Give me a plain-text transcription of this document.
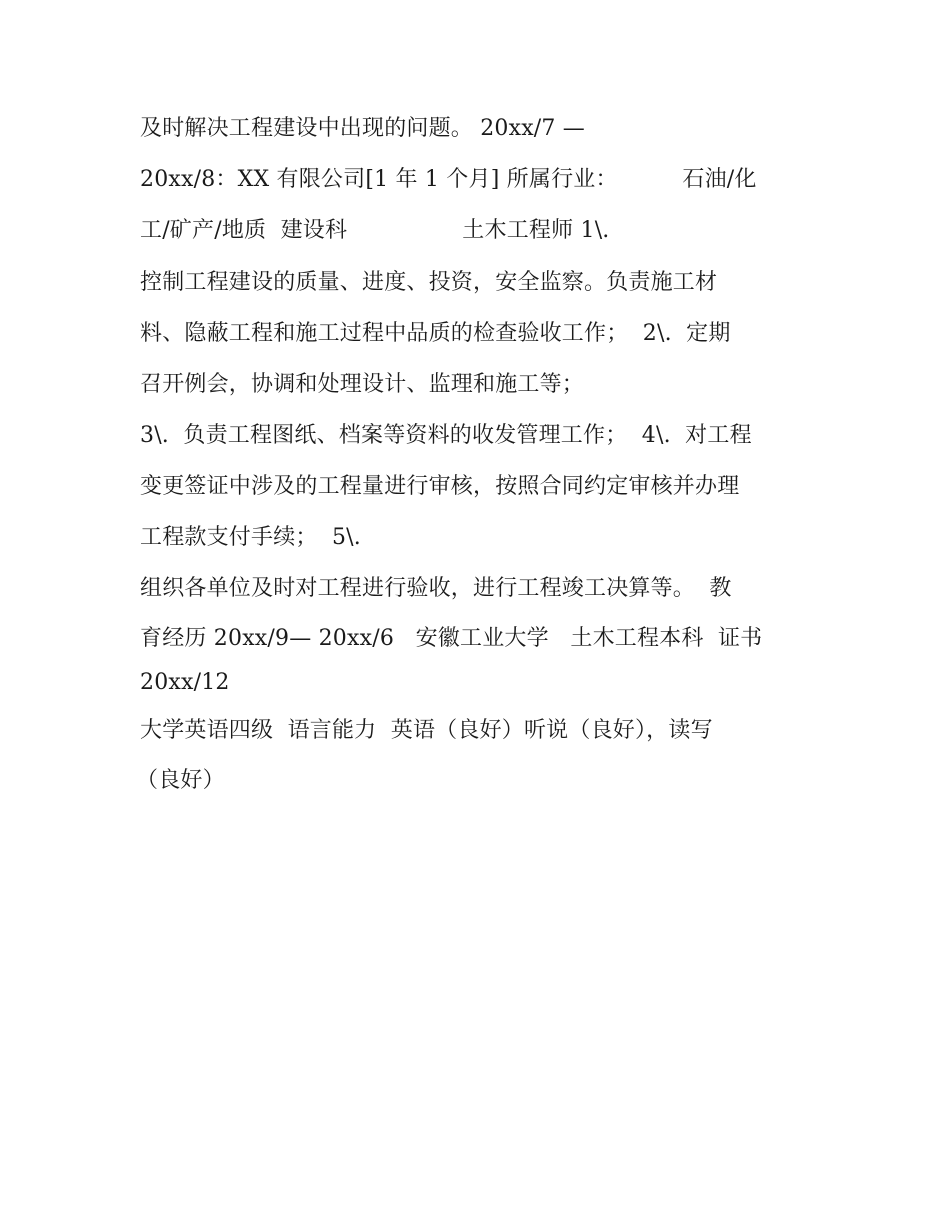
及时解决工程建设中出现的问题。 20xx/7 —
20xx/8：XX 有限公司[1 年 1 个月] 所属行业：         石油/化
工/矿产/地质  建设科                土木工程师 1\.
控制工程建设的质量、进度、投资，安全监察。负责施工材
料、隐蔽工程和施工过程中品质的检查验收工作；  2\.  定期
召开例会，协调和处理设计、监理和施工等；
3\.  负责工程图纸、档案等资料的收发管理工作；  4\.  对工程
变更签证中涉及的工程量进行审核，按照合同约定审核并办理
工程款支付手续；  5\.
组织各单位及时对工程进行验收，进行工程竣工决算等。  教
育经历 20xx/9— 20xx/6   安徽工业大学   土木工程本科  证书
20xx/12
大学英语四级  语言能力  英语（良好）听说（良好），读写
（良好）
